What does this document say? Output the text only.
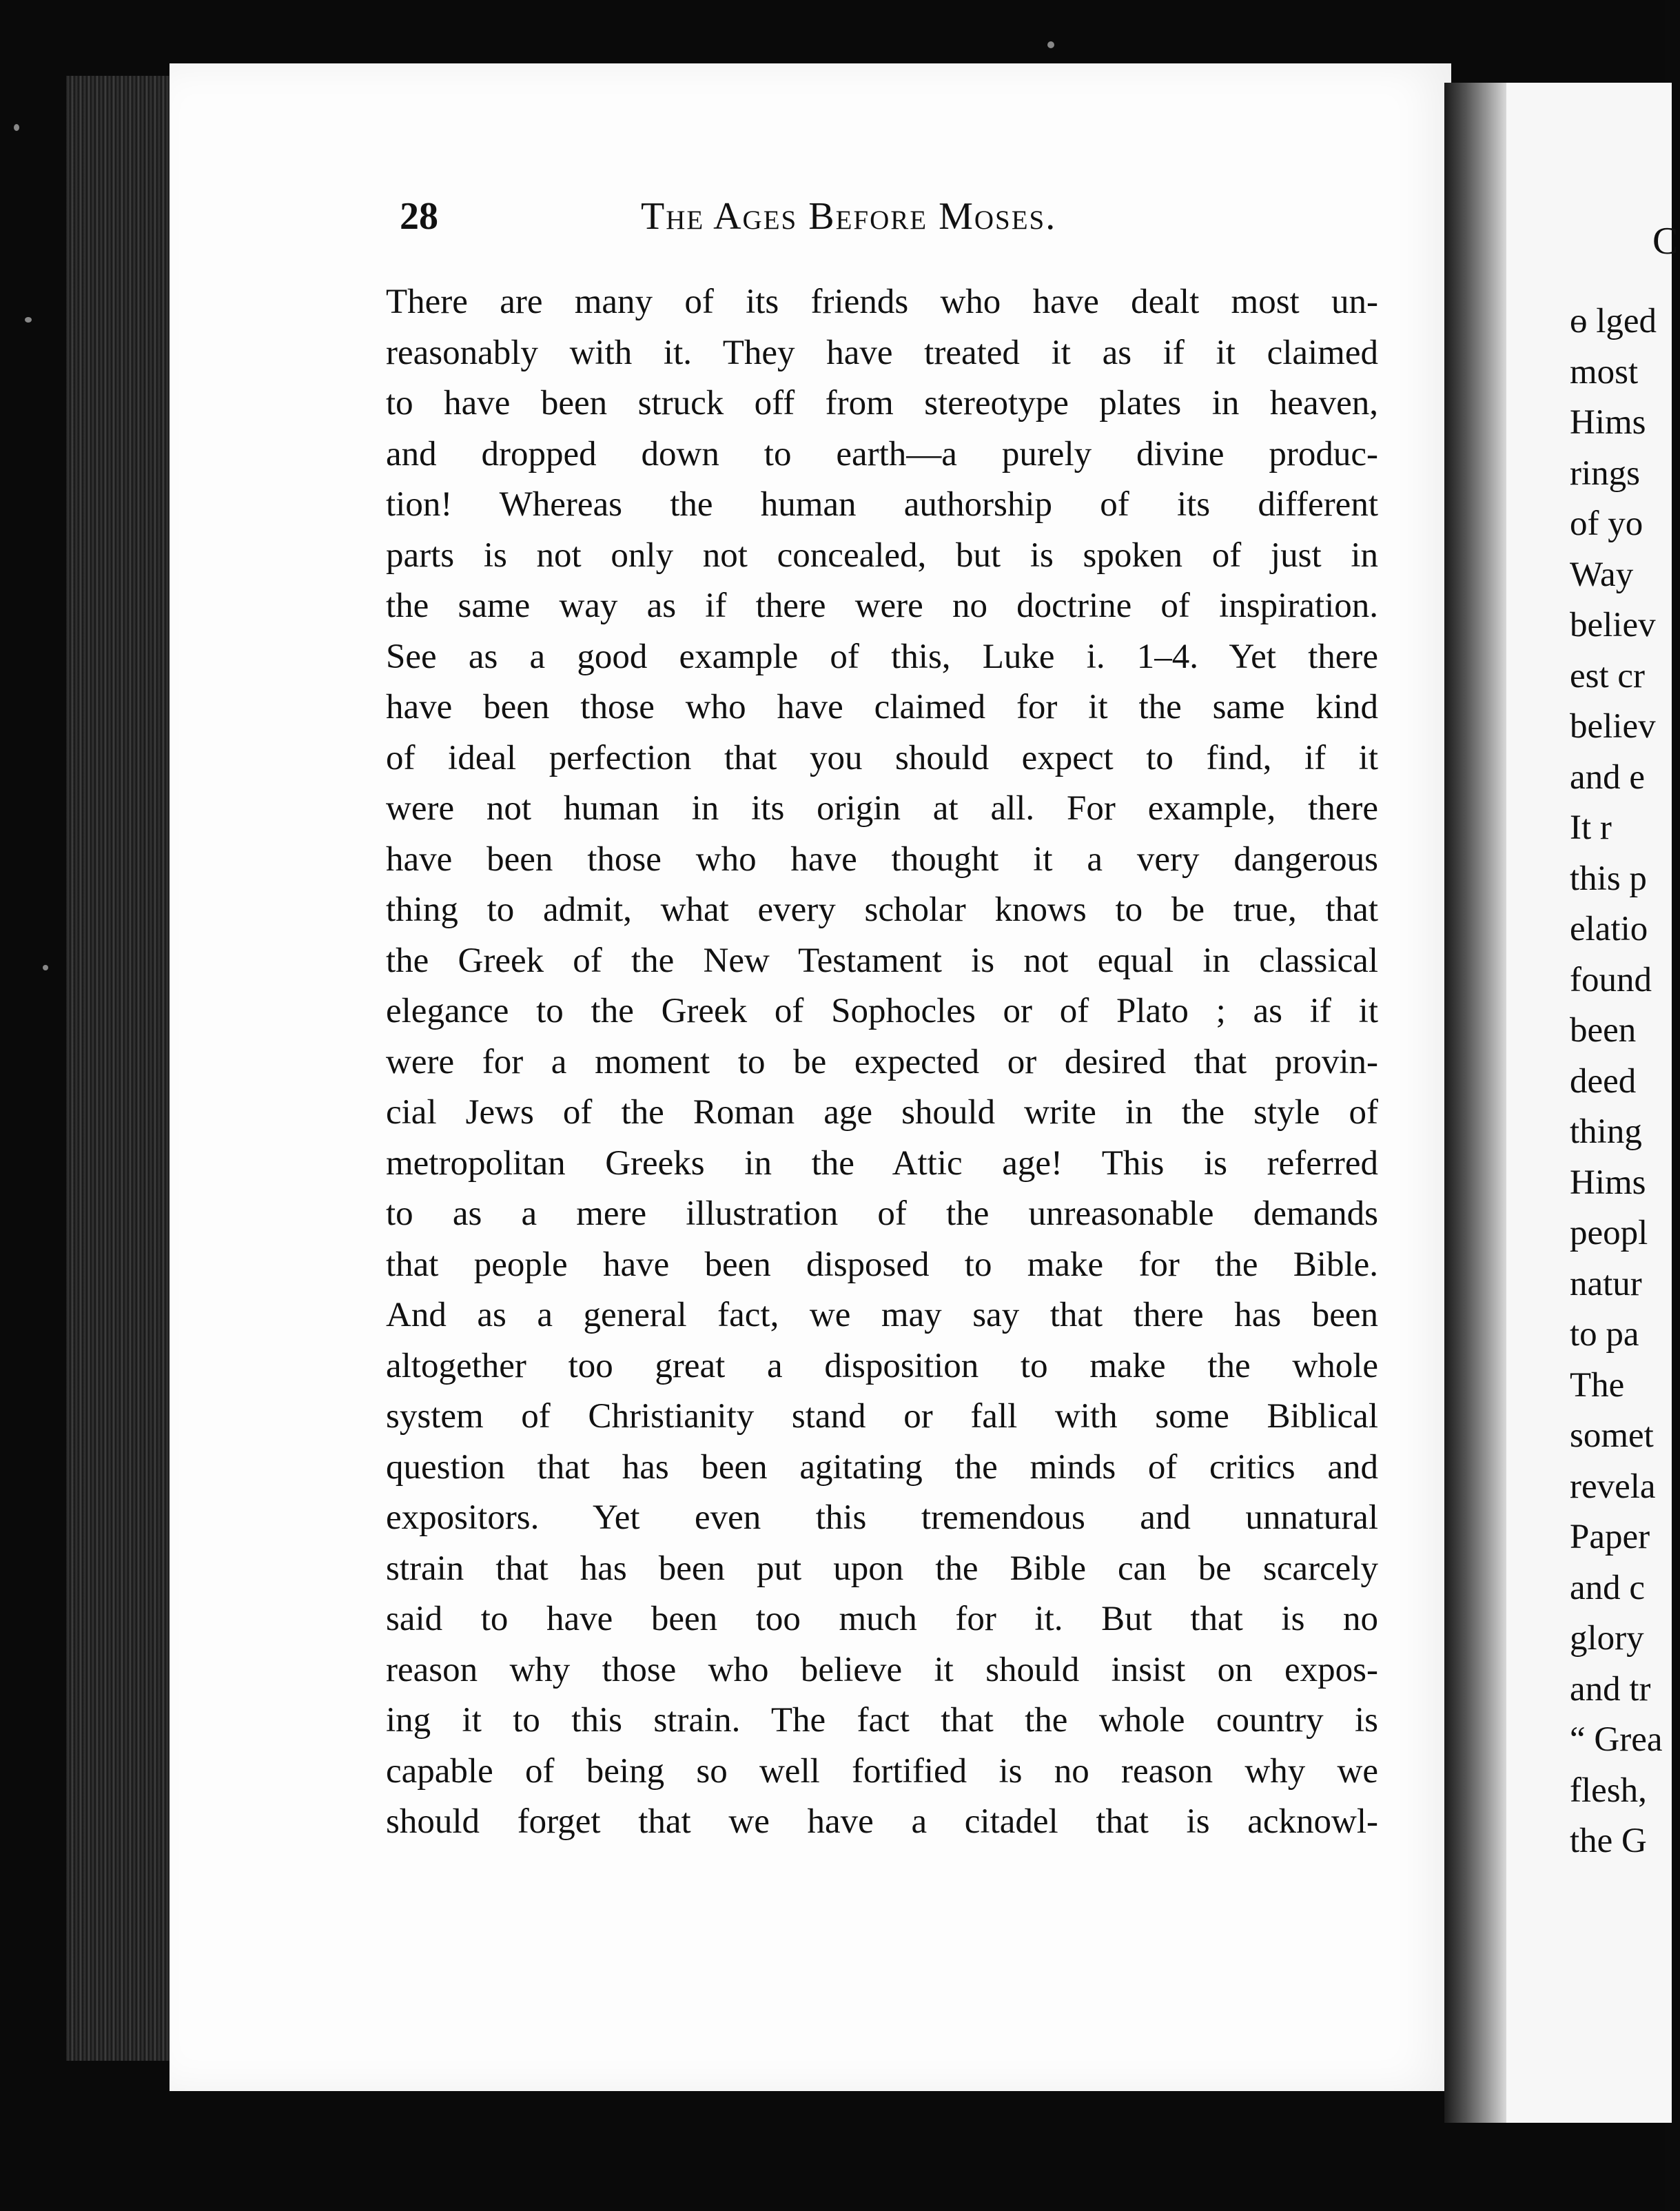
28	The Ages Before Moses.
There are many of its friends who have dealt most un-
reasonably with it. They have treated it as if it claimed
to have been struck off from stereotype plates in heaven,
and dropped down to earth—a purely divine produc-
tion! Whereas the human authorship of its different
parts is not only not concealed, but is spoken of just in
the same way as if there were no doctrine of inspiration.
See as a good example of this, Luke i. 1–4. Yet there
have been those who have claimed for it the same kind
of ideal perfection that you should expect to find, if it
were not human in its origin at all. For example, there
have been those who have thought it a very dangerous
thing to admit, what every scholar knows to be true, that
the Greek of the New Testament is not equal in classical
elegance to the Greek of Sophocles or of Plato ; as if it
were for a moment to be expected or desired that provin-
cial Jews of the Roman age should write in the style of
metropolitan Greeks in the Attic age! This is referred
to as a mere illustration of the unreasonable demands
that people have been disposed to make for the Bible.
And as a general fact, we may say that there has been
altogether too great a disposition to make the whole
system of Christianity stand or fall with some Biblical
question that has been agitating the minds of critics and
expositors. Yet even this tremendous and unnatural
strain that has been put upon the Bible can be scarcely
said to have been too much for it. But that is no
reason why those who believe it should insist on expos-
ing it to this strain. The fact that the whole country is
capable of being so well fortified is no reason why we
should forget that we have a citadel that is acknowl-
C
ɵ lged
most
Hims
rings
of yo
Way
believ
est cr
believ
and e
It r
this p
elatio
found
been
deed
thing
Hims
peopl
natur
to pa
The
somet
revela
Paper
and c
glory
and tr
“ Grea
flesh,
the G
